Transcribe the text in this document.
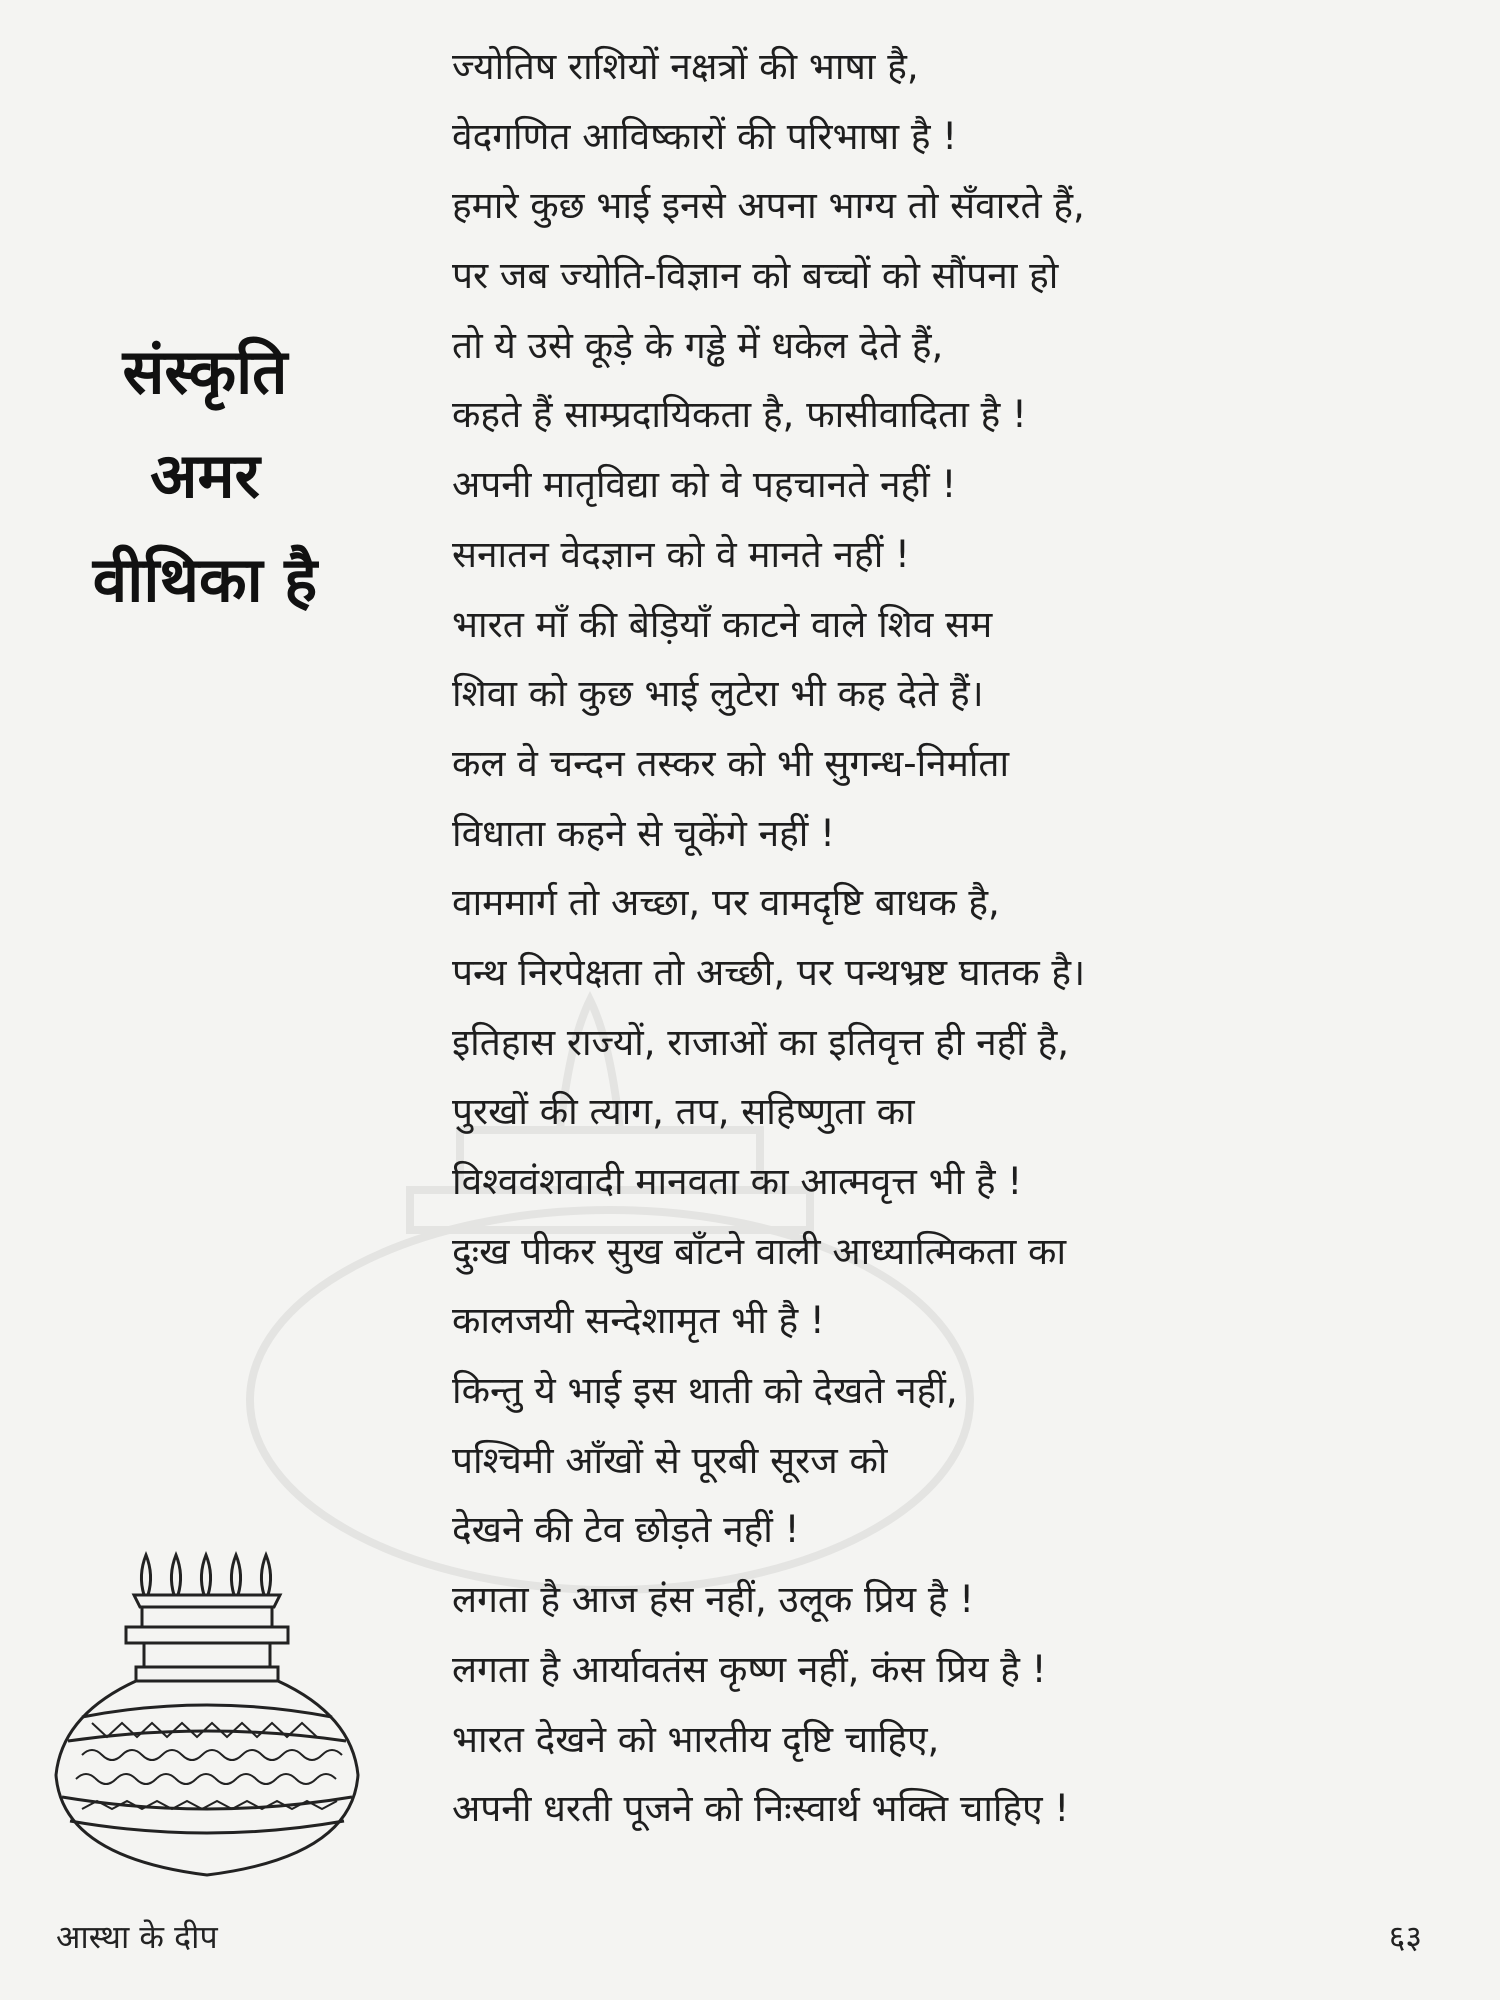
संस्कृति
अमर
वीथिका है
ज्योतिष राशियों नक्षत्रों की भाषा है,
वेदगणित आविष्कारों की परिभाषा है !
हमारे कुछ भाई इनसे अपना भाग्य तो सँवारते हैं,
पर जब ज्योति-विज्ञान को बच्चों को सौंपना हो
तो ये उसे कूड़े के गड्ढे में धकेल देते हैं,
कहते हैं साम्प्रदायिकता है, फासीवादिता है !
अपनी मातृविद्या को वे पहचानते नहीं !
सनातन वेदज्ञान को वे मानते नहीं !
भारत माँ की बेड़ियाँ काटने वाले शिव सम
शिवा को कुछ भाई लुटेरा भी कह देते हैं।
कल वे चन्दन तस्कर को भी सुगन्ध-निर्माता
विधाता कहने से चूकेंगे नहीं !
वाममार्ग तो अच्छा, पर वामदृष्टि बाधक है,
पन्थ निरपेक्षता तो अच्छी, पर पन्थभ्रष्ट घातक है।
इतिहास राज्यों, राजाओं का इतिवृत्त ही नहीं है,
पुरखों की त्याग, तप, सहिष्णुता का
विश्ववंशवादी मानवता का आत्मवृत्त भी है !
दुःख पीकर सुख बाँटने वाली आध्यात्मिकता का
कालजयी सन्देशामृत भी है !
किन्तु ये भाई इस थाती को देखते नहीं,
पश्चिमी आँखों से पूरबी सूरज को
देखने की टेव छोड़ते नहीं !
लगता है आज हंस नहीं, उलूक प्रिय है !
लगता है आर्यावतंस कृष्ण नहीं, कंस प्रिय है !
भारत देखने को भारतीय दृष्टि चाहिए,
अपनी धरती पूजने को निःस्वार्थ भक्ति चाहिए !
आस्था के दीप	६३
